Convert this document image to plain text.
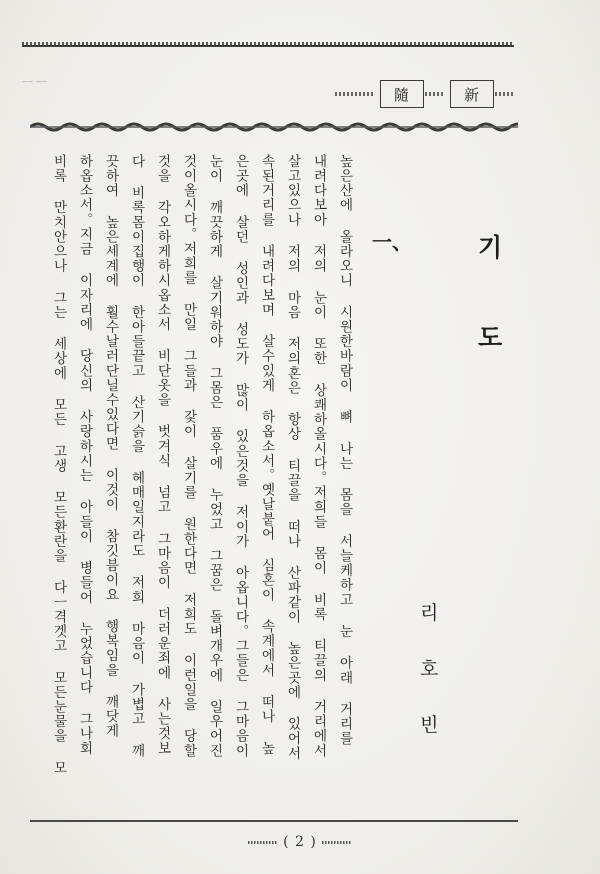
ㅡ ㅡ
隨	新
기
도
一、
리
호
빈
높은산에 올라오니 시원한바람이 뼈 나는 몸을 서늘케하고 눈 아래 거리를
내려다보아 저의 눈이 또한 상쾌하올시다。저희들 몸이 비록 티끌의 거리에서
살고있으나 저의 마음 저의혼은 항상 티끌을 떠나 산파같이 높은곳에 있어서
속된거리를 내려다보며 살수있게 하옵소서。옛날붙어 심혼이 속계에서 떠나 높
은곳에 살던 성인과 성도가 많이 있은것을 저이가 아옵니다。그들은 그마음이
눈이 깨끗하게 살기워하야 그몸은 품우에 누었고 그꿈은 돌벼개우에 일우어진
것이올시다。저희를 만일 그들과 갗이 살기를 원한다면 저희도 이런일을 당할
것을 각오하게하시옵소서 비단옷을 벗겨식 넘고 그마음이 더러운죄에 사는것보
다 비록몸이집행이 한아들끝고 산기슭을 헤매일지라도 저희 마음이 가볍고 깨
끗하여 높은세계에 훨수날러단닐수있다면 이것이 참깃븜이요 행복임을 깨닷게
하옵소서。지금 이자리에 당신의 사랑하시는 아들이 병들어 누었습니다 그나회
비록 만치안으나 그는 세상에 모든 고생 모든환란을 다ㅡ격겟고 모든눈물을 모
( 2 )
